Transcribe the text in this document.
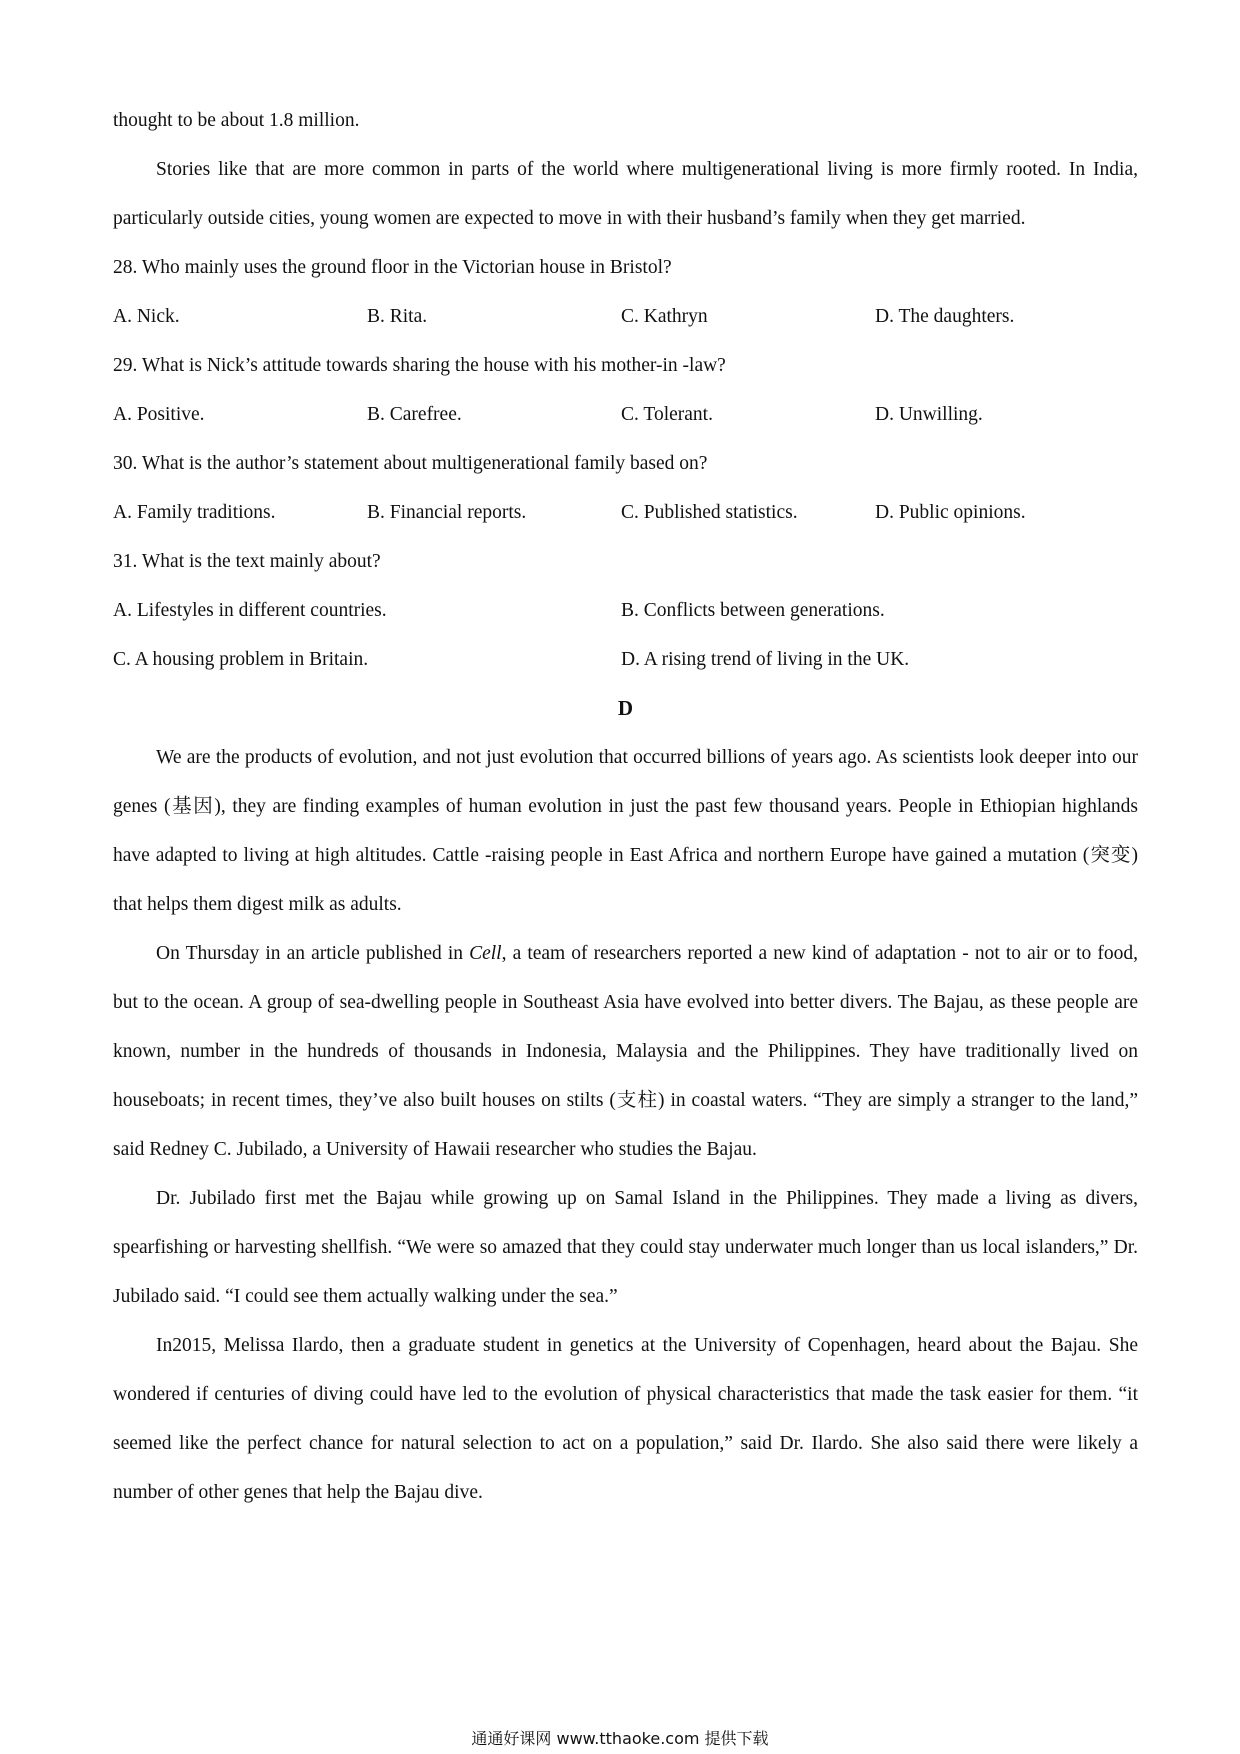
thought to be about 1.8 million.

Stories like that are more common in parts of the world where multigenerational living is more firmly rooted. In India, particularly outside cities, young women are expected to move in with their husband’s family when they get married.

28. Who mainly uses the ground floor in the Victorian house in Bristol?
A. Nick.	B. Rita.	C. Kathryn	D. The daughters.
29. What is Nick’s attitude towards sharing the house with his mother-in -law?
A. Positive.	B. Carefree.	C. Tolerant.	D. Unwilling.
30. What is the author’s statement about multigenerational family based on?
A. Family traditions.	B. Financial reports.	C. Published statistics.	D. Public opinions.
31. What is the text mainly about?
A. Lifestyles in different countries.	B. Conflicts between generations.
C. A housing problem in Britain.	D. A rising trend of living in the UK.
D

We are the products of evolution, and not just evolution that occurred billions of years ago. As scientists look deeper into our genes (基因), they are finding examples of human evolution in just the past few thousand years. People in Ethiopian highlands have adapted to living at high altitudes. Cattle -raising people in East Africa and northern Europe have gained a mutation (突变) that helps them digest milk as adults.

On Thursday in an article published in Cell, a team of researchers reported a new kind of adaptation - not to air or to food, but to the ocean. A group of sea-dwelling people in Southeast Asia have evolved into better divers. The Bajau, as these people are known, number in the hundreds of thousands in Indonesia, Malaysia and the Philippines. They have traditionally lived on houseboats; in recent times, they’ve also built houses on stilts (支柱) in coastal waters. “They are simply a stranger to the land,” said Redney C. Jubilado, a University of Hawaii researcher who studies the Bajau.

Dr. Jubilado first met the Bajau while growing up on Samal Island in the Philippines. They made a living as divers, spearfishing or harvesting shellfish. “We were so amazed that they could stay underwater much longer than us local islanders,” Dr. Jubilado said. “I could see them actually walking under the sea.”

In2015, Melissa Ilardo, then a graduate student in genetics at the University of Copenhagen, heard about the Bajau. She wondered if centuries of diving could have led to the evolution of physical characteristics that made the task easier for them. “it seemed like the perfect chance for natural selection to act on a population,” said Dr. Ilardo. She also said there were likely a number of other genes that help the Bajau dive.

通通好课网 www.tthaoke.com 提供下载
